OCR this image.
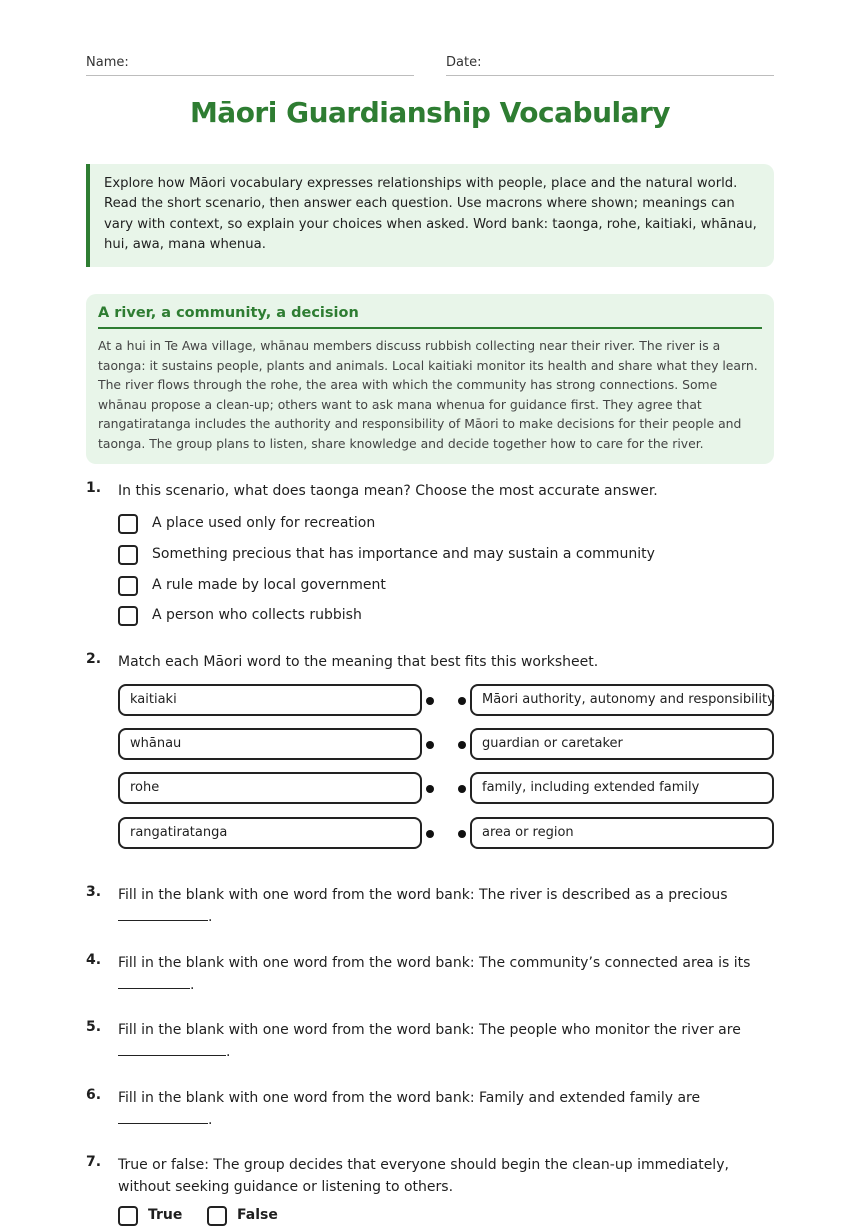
Name:	Date:
Māori Guardianship Vocabulary

Explore how Māori vocabulary expresses relationships with people, place and the natural world. Read the short scenario, then answer each question. Use macrons where shown; meanings can vary with context, so explain your choices when asked. Word bank: taonga, rohe, kaitiaki, whānau, hui, awa, mana whenua.

A river, a community, a decision

At a hui in Te Awa village, whānau members discuss rubbish collecting near their river. The river is a taonga: it sustains people, plants and animals. Local kaitiaki monitor its health and share what they learn. The river flows through the rohe, the area with which the community has strong connections. Some whānau propose a clean-up; others want to ask mana whenua for guidance first. They agree that rangatiratanga includes the authority and responsibility of Māori to make decisions for their people and taonga. The group plans to listen, share knowledge and decide together how to care for the river.

1. In this scenario, what does taonga mean? Choose the most accurate answer.
A place used only for recreation
Something precious that has importance and may sustain a community
A rule made by local government
A person who collects rubbish
2. Match each Māori word to the meaning that best fits this worksheet.
kaitiaki
whānau
rohe
rangatiratanga
Māori authority, autonomy and responsibility
guardian or caretaker
family, including extended family
area or region
3. Fill in the blank with one word from the word bank: The river is described as a precious
.
4. Fill in the blank with one word from the word bank: The community’s connected area is its
.
5. Fill in the blank with one word from the word bank: The people who monitor the river are
.
6. Fill in the blank with one word from the word bank: Family and extended family are
.
7. True or false: The group decides that everyone should begin the clean-up immediately, without seeking guidance or listening to others.
True	False
